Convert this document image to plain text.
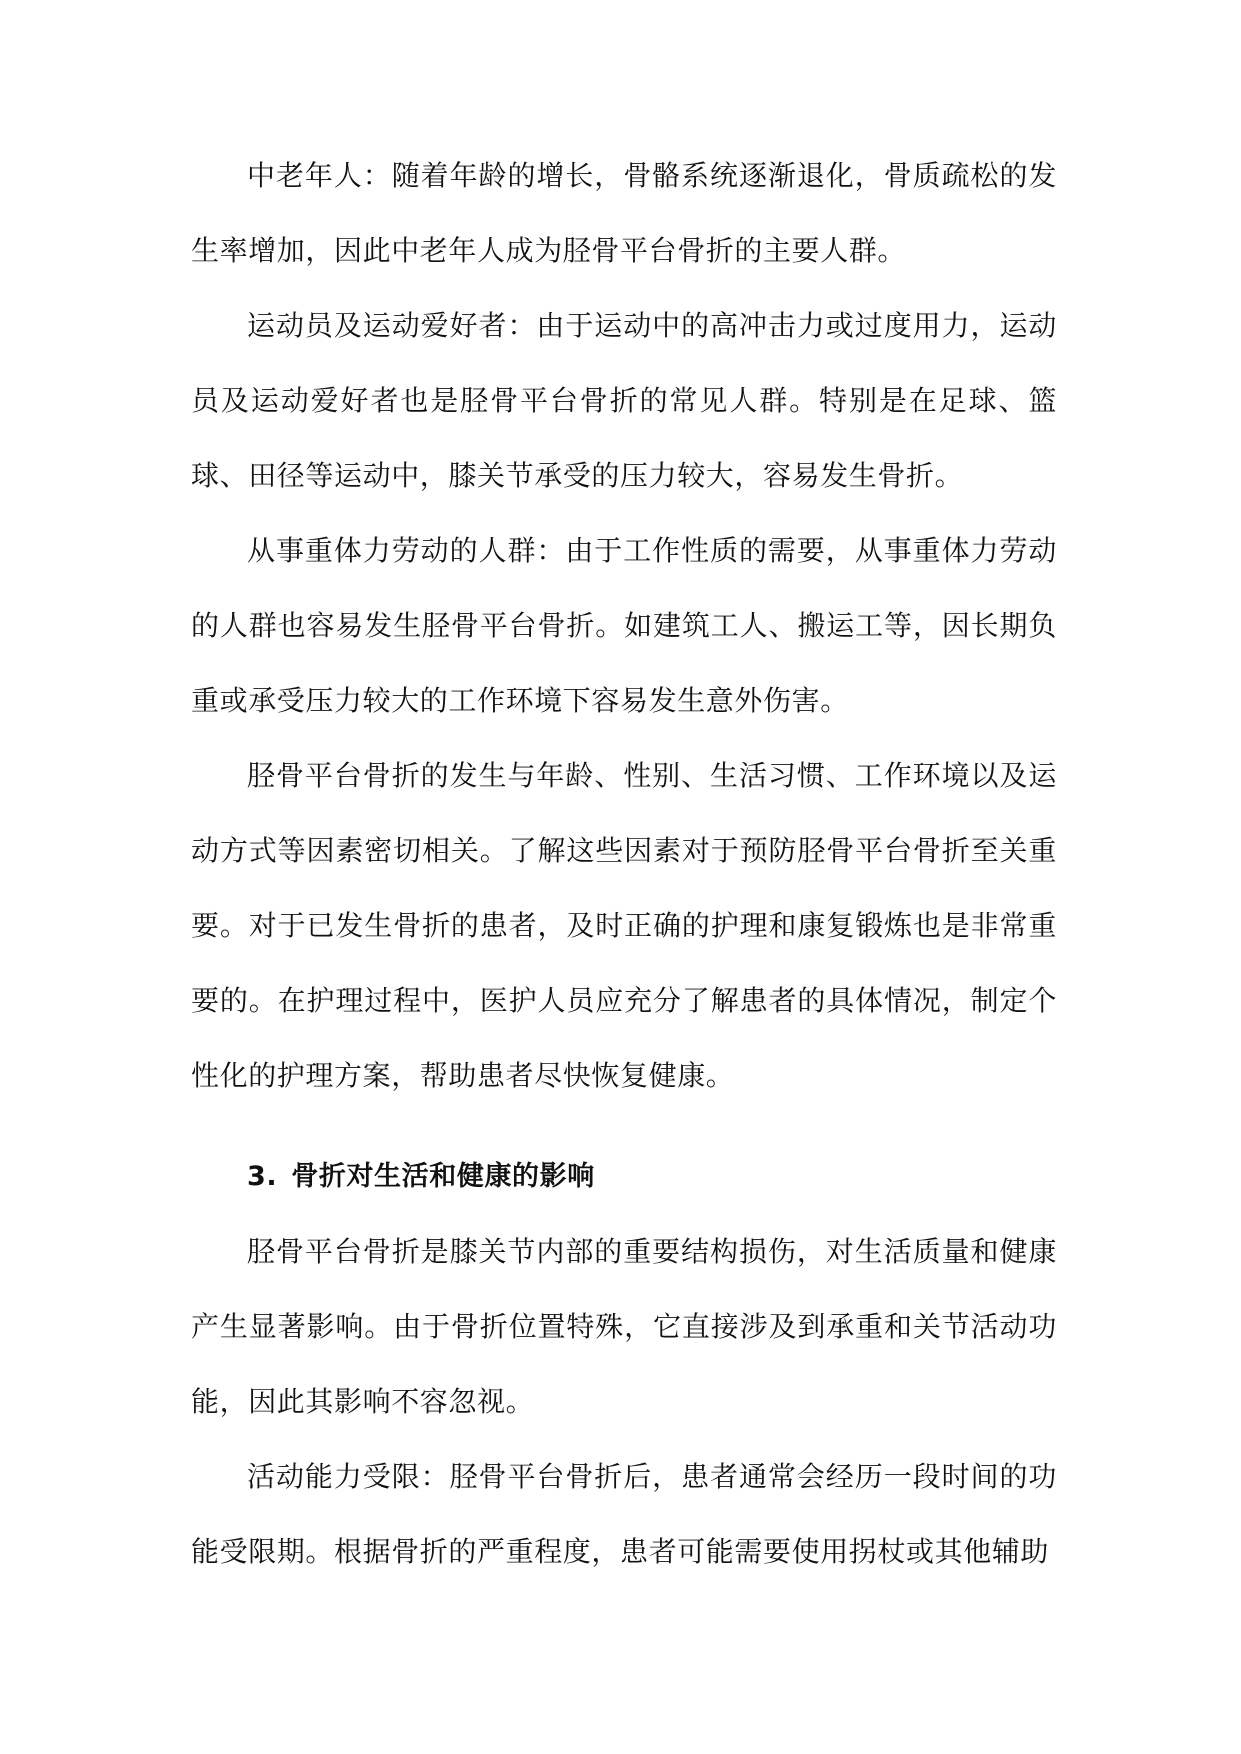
中老年人：随着年龄的增长，骨骼系统逐渐退化，骨质疏松的发生率增加，因此中老年人成为胫骨平台骨折的主要人群。

运动员及运动爱好者：由于运动中的高冲击力或过度用力，运动员及运动爱好者也是胫骨平台骨折的常见人群。特别是在足球、篮球、田径等运动中，膝关节承受的压力较大，容易发生骨折。

从事重体力劳动的人群：由于工作性质的需要，从事重体力劳动的人群也容易发生胫骨平台骨折。如建筑工人、搬运工等，因长期负重或承受压力较大的工作环境下容易发生意外伤害。

胫骨平台骨折的发生与年龄、性别、生活习惯、工作环境以及运动方式等因素密切相关。了解这些因素对于预防胫骨平台骨折至关重要。对于已发生骨折的患者，及时正确的护理和康复锻炼也是非常重要的。在护理过程中，医护人员应充分了解患者的具体情况，制定个性化的护理方案，帮助患者尽快恢复健康。

3. 骨折对生活和健康的影响

胫骨平台骨折是膝关节内部的重要结构损伤，对生活质量和健康产生显著影响。由于骨折位置特殊，它直接涉及到承重和关节活动功能，因此其影响不容忽视。

活动能力受限：胫骨平台骨折后，患者通常会经历一段时间的功能受限期。根据骨折的严重程度，患者可能需要使用拐杖或其他辅助
